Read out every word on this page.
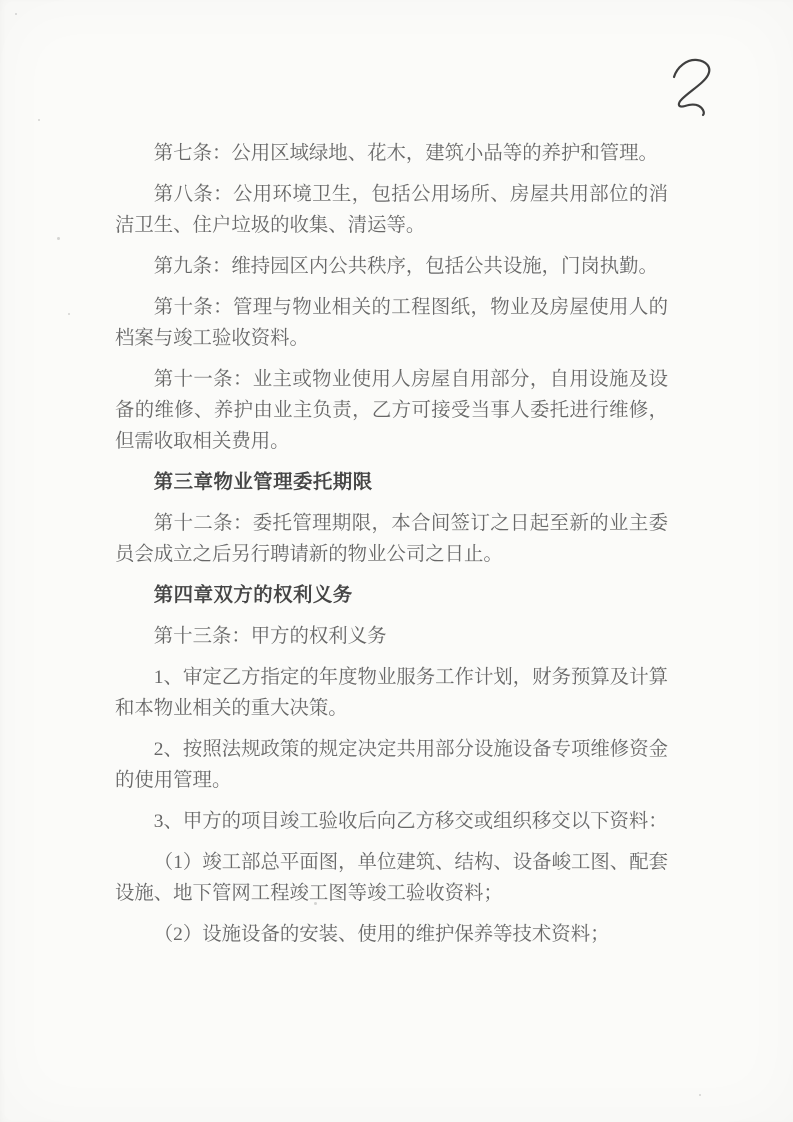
第七条：公用区域绿地、花木，建筑小品等的养护和管理。

第八条：公用环境卫生，包括公用场所、房屋共用部位的消洁卫生、住户垃圾的收集、清运等。

第九条：维持园区内公共秩序，包括公共设施，门岗执勤。

第十条：管理与物业相关的工程图纸，物业及房屋使用人的档案与竣工验收资料。

第十一条：业主或物业使用人房屋自用部分，自用设施及设备的维修、养护由业主负责，乙方可接受当事人委托进行维修，但需收取相关费用。

第三章物业管理委托期限

第十二条：委托管理期限，本合间签订之日起至新的业主委员会成立之后另行聘请新的物业公司之日止。

第四章双方的权利义务

第十三条：甲方的权利义务

1、审定乙方指定的年度物业服务工作计划，财务预算及计算和本物业相关的重大决策。

2、按照法规政策的规定决定共用部分设施设备专项维修资金的使用管理。

3、甲方的项目竣工验收后向乙方移交或组织移交以下资料：

（1）竣工部总平面图，单位建筑、结构、设备峻工图、配套设施、地下管网工程竣工图等竣工验收资料；

（2）设施设备的安装、使用的维护保养等技术资料；
